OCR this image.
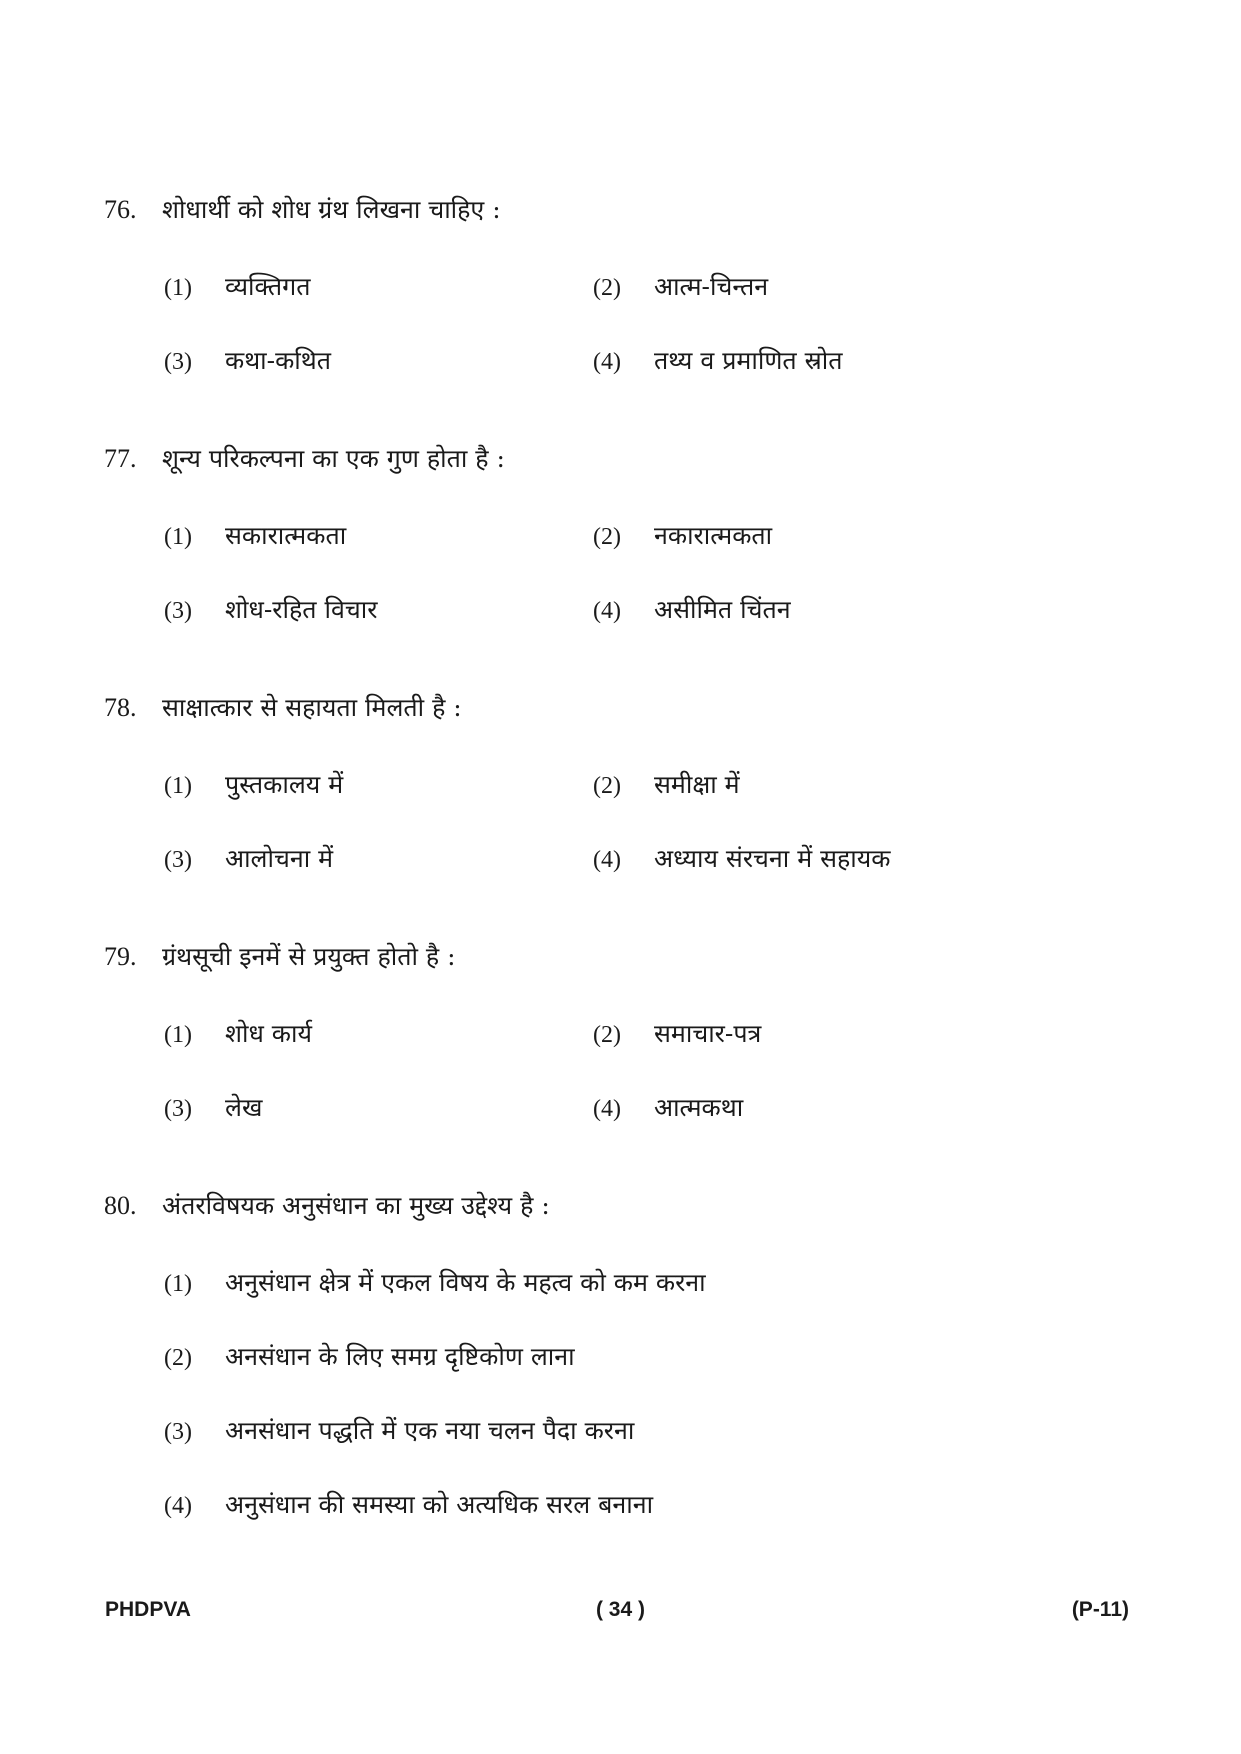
76. शोधार्थी को शोध ग्रंथ लिखना चाहिए :
(1) व्यक्तिगत	(2) आत्म-चिन्तन
(3) कथा-कथित	(4) तथ्य व प्रमाणित स्रोत
77. शून्य परिकल्पना का एक गुण होता है :
(1) सकारात्मकता	(2) नकारात्मकता
(3) शोध-रहित विचार	(4) असीमित चिंतन
78. साक्षात्कार से सहायता मिलती है :
(1) पुस्तकालय में	(2) समीक्षा में
(3) आलोचना में	(4) अध्याय संरचना में सहायक
79. ग्रंथसूची इनमें से प्रयुक्त होतो है :
(1) शोध कार्य	(2) समाचार-पत्र
(3) लेख	(4) आत्मकथा
80. अंतरविषयक अनुसंधान का मुख्य उद्देश्य है :
(1) अनुसंधान क्षेत्र में एकल विषय के महत्व को कम करना
(2) अनसंधान के लिए समग्र दृष्टिकोण लाना
(3) अनसंधान पद्धति में एक नया चलन पैदा करना
(4) अनुसंधान की समस्या को अत्यधिक सरल बनाना
PHDPVA	( 34 )	(P-11)
